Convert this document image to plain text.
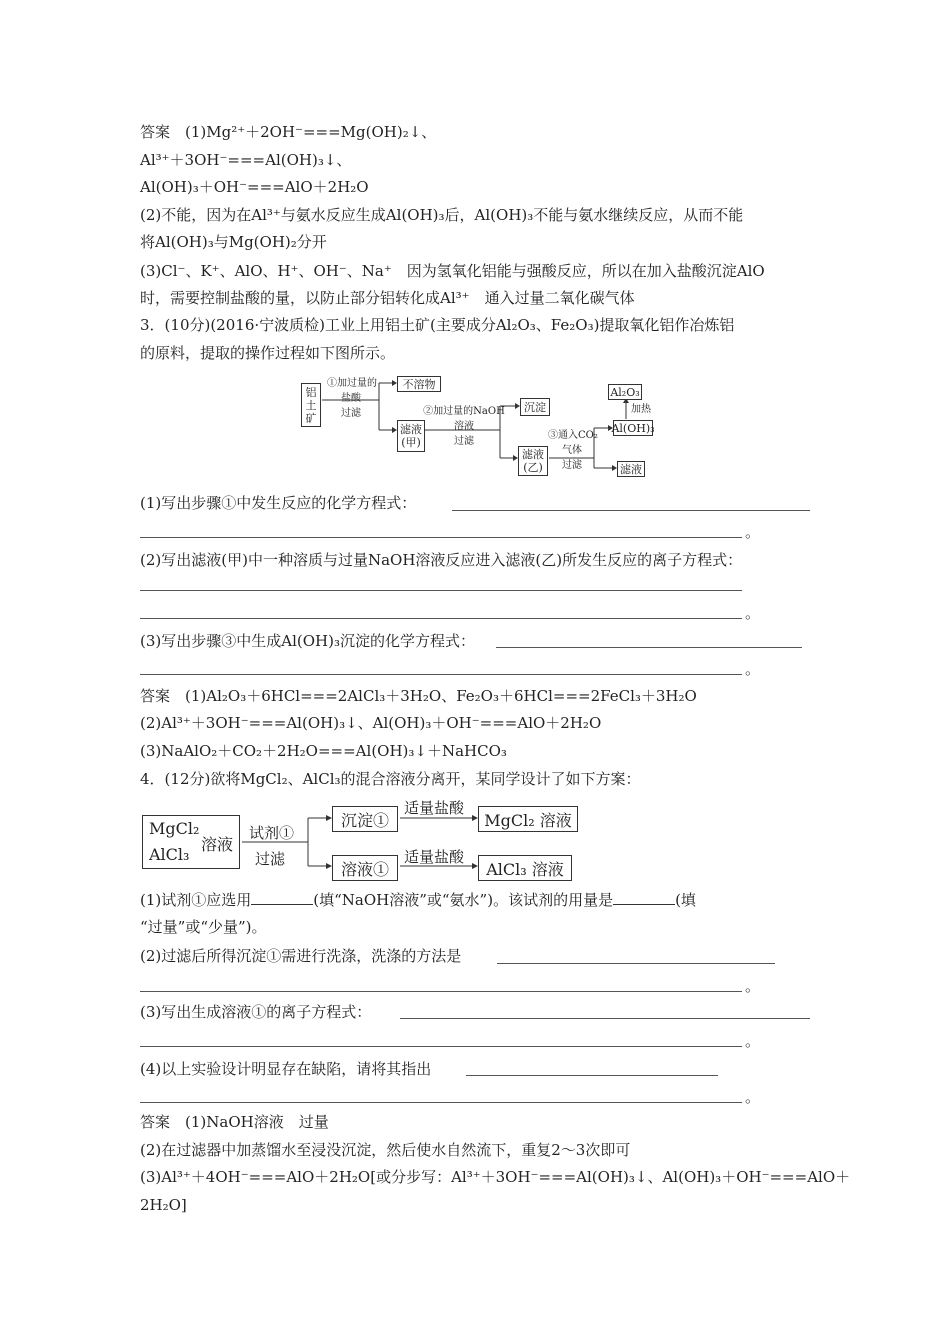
答案　(1)Mg²⁺＋2OH⁻===Mg(OH)₂↓、
Al³⁺＋3OH⁻===Al(OH)₃↓、
Al(OH)₃＋OH⁻===AlO＋2H₂O
(2)不能，因为在Al³⁺与氨水反应生成Al(OH)₃后，Al(OH)₃不能与氨水继续反应，从而不能
将Al(OH)₃与Mg(OH)₂分开
(3)Cl⁻、K⁺、AlO、H⁺、OH⁻、Na⁺　因为氢氧化铝能与强酸反应，所以在加入盐酸沉淀AlO
时，需要控制盐酸的量，以防止部分铝转化成Al³⁺　通入过量二氧化碳气体
3．(10分)(2016·宁波质检)工业上用铝土矿(主要成分Al₂O₃、Fe₂O₃)提取氧化铝作冶炼铝
的原料，提取的操作过程如下图所示。
铝土矿
①加过量的
盐酸
过滤
不溶物
滤液
(甲)
②加过量的NaOH
溶液
过滤
沉淀
滤液
(乙)
③通入CO₂
气体
过滤
Al₂O₃
加热
Al(OH)₃
滤液
(1)写出步骤①中发生反应的化学方程式：
。
(2)写出滤液(甲)中一种溶质与过量NaOH溶液反应进入滤液(乙)所发生反应的离子方程式：
。
(3)写出步骤③中生成Al(OH)₃沉淀的化学方程式：
。
答案　(1)Al₂O₃＋6HCl===2AlCl₃＋3H₂O、Fe₂O₃＋6HCl===2FeCl₃＋3H₂O
(2)Al³⁺＋3OH⁻===Al(OH)₃↓、Al(OH)₃＋OH⁻===AlO＋2H₂O
(3)NaAlO₂＋CO₂＋2H₂O===Al(OH)₃↓＋NaHCO₃
4．(12分)欲将MgCl₂、AlCl₃的混合溶液分离开，某同学设计了如下方案：
MgCl₂
溶液
AlCl₃
试剂①
过滤
沉淀①
溶液①
适量盐酸
适量盐酸
MgCl₂ 溶液
AlCl₃ 溶液
(1)试剂①应选用	(填“NaOH溶液”或“氨水”)。该试剂的用量是	(填
“过量”或“少量”)。
(2)过滤后所得沉淀①需进行洗涤，洗涤的方法是
。
(3)写出生成溶液①的离子方程式：
。
(4)以上实验设计明显存在缺陷，请将其指出
。
答案　(1)NaOH溶液　过量
(2)在过滤器中加蒸馏水至浸没沉淀，然后使水自然流下，重复2～3次即可
(3)Al³⁺＋4OH⁻===AlO＋2H₂O[或分步写：Al³⁺＋3OH⁻===Al(OH)₃↓、Al(OH)₃＋OH⁻===AlO＋
2H₂O]
